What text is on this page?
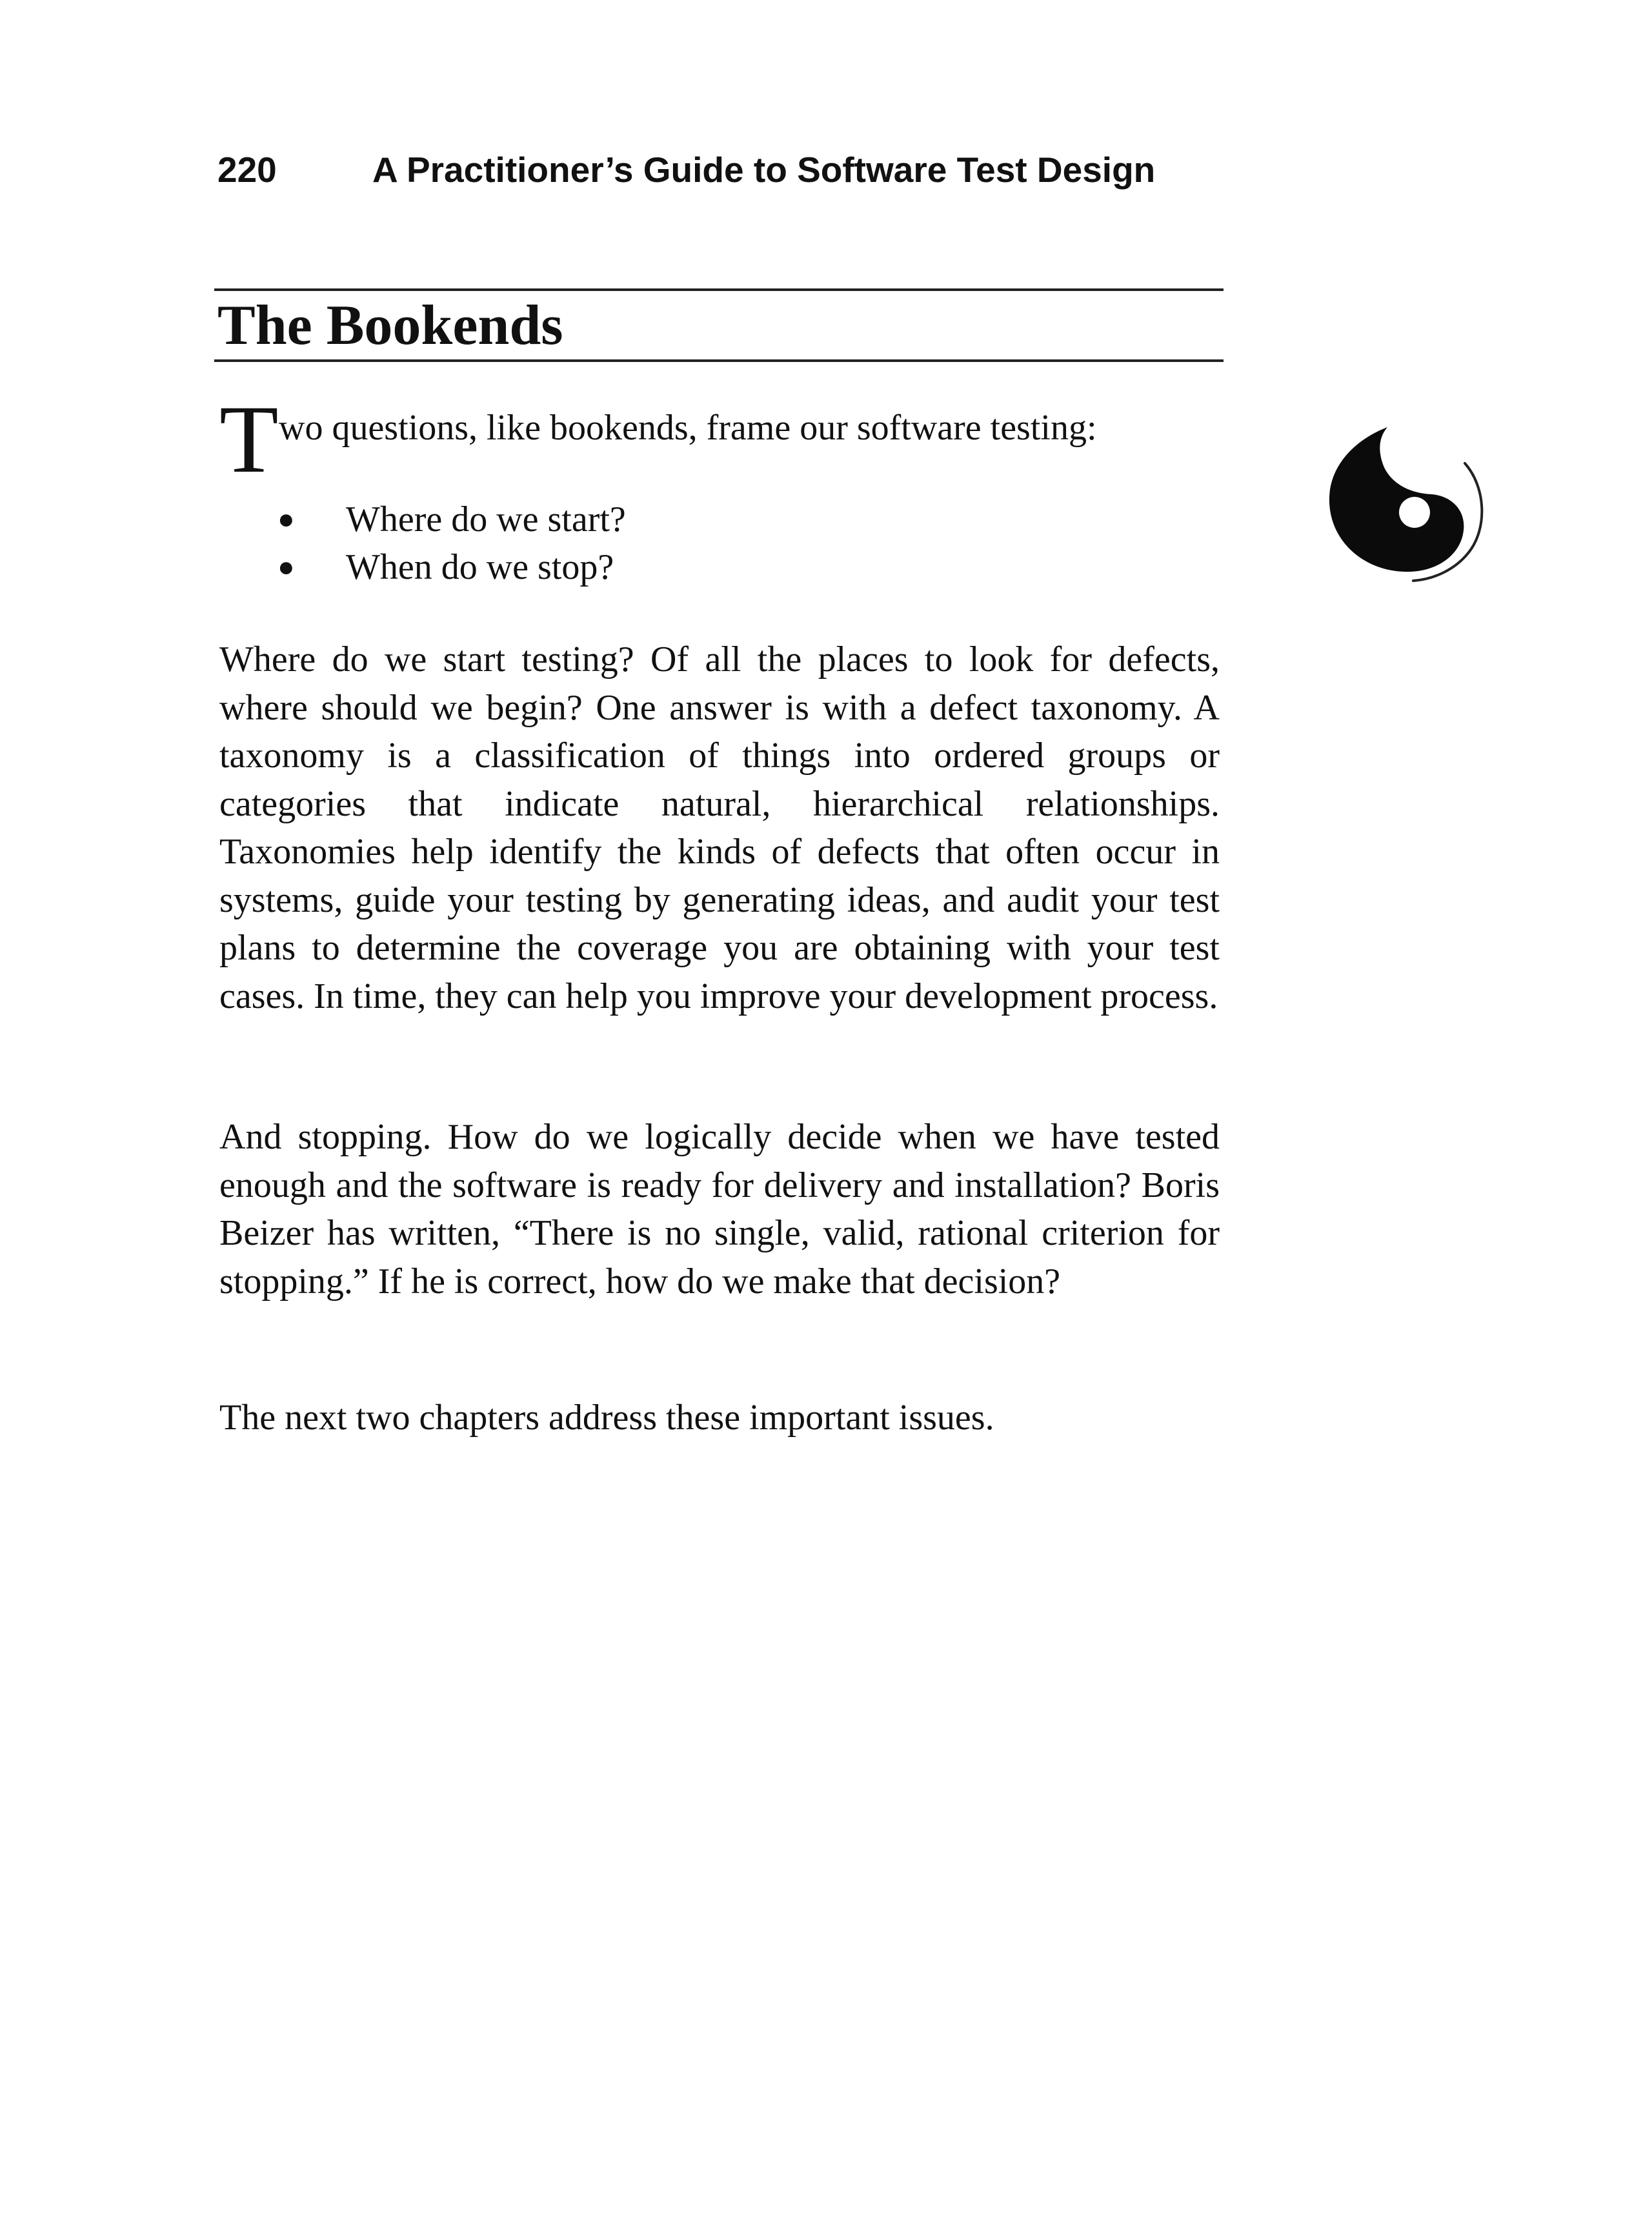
220	A Practitioner’s Guide to Software Test Design
The Bookends
T wo questions, like bookends, frame our software testing:
● Where do we start?
● When do we stop?

Where do we start testing? Of all the places to look for defects, where should we begin? One answer is with a defect taxonomy. A taxonomy is a classification of things into ordered groups or categories that indicate natural, hierarchical relationships. Taxonomies help identify the kinds of defects that often occur in systems, guide your testing by generating ideas, and audit your test plans to determine the coverage you are obtaining with your test cases. In time, they can help you improve your development process.

And stopping. How do we logically decide when we have tested enough and the software is ready for delivery and installation? Boris Beizer has written, “There is no single, valid, rational criterion for stopping.” If he is correct, how do we make that decision?

The next two chapters address these important issues.
